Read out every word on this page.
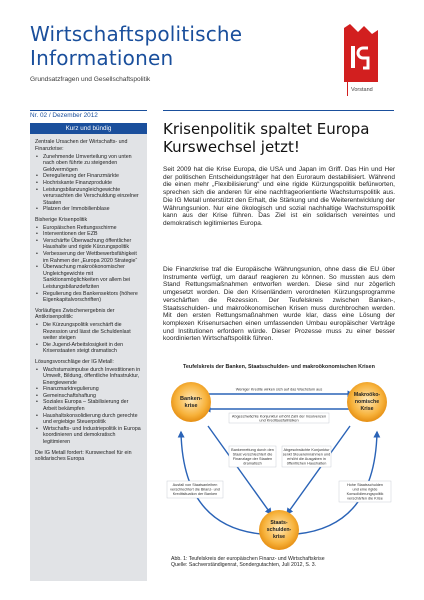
Wirtschaftspolitische
Informationen

Grundsatzfragen und Gesellschaftspolitik

Vorstand
Nr. 02 / Dezember 2012
Kurz und bündig
Zentrale Ursachen der Wirtschafts- und Finanzkrise:
• Zunehmende Umverteilung von unten nach oben führte zu steigenden Geldvermögen
• Deregulierung der Finanzmärkte
• Hochriskante Finanzprodukte
• Leistungsbilanzungleichgewichte verursachten die Verschuldung einzelner Staaten
• Platzen der Immobilienblase
Bisherige Krisenpolitik
• Europäischen Rettungsschirme
• Interventionen der EZB
• Verschärfte Überwachung öffentlicher Haushalte und rigide Kürzungspolitik
• Verbesserung der Wettbewerbsfähigkeit im Rahmen der „Europa 2020 Strategie“
• Überwachung makroökonomischer Ungleichgewichte mit Sanktionsmöglichkeiten vor allem bei Leistungsbilanzdefiziten
• Regulierung des Bankensektors (höhere Eigenkapitalvorschriften)
Vorläufiges Zwischenergebnis der Antikrisenpolitik:
• Die Kürzungspolitik verschärft die Rezession und lässt die Schuldenlast weiter steigen
• Die Jugend-Arbeitslosigkeit in den Krisenstaaten steigt dramatisch
Lösungsvorschläge der IG Metall:
• Wachstumsimpulse durch Investitionen in Umwelt, Bildung, öffentliche Infrastruktur, Energiewende
• Finanzmarktregulierung
• Gemeinschaftshaftung
• Soziales Europa – Stabilisierung der Arbeit bekämpfen
• Haushaltskonsolidierung durch gerechte und ergiebige Steuerpolitik
• Wirtschafts- und Industriepolitik in Europa koordinieren und demokratisch legitimieren
Die IG Metall fordert: Kurswechsel für ein solidarisches Europa
Krisenpolitik spaltet Europa
Kurswechsel jetzt!

Seit 2009 hat die Krise Europa, die USA und Japan im Griff. Das Hin und Her der politischen Entscheidungsträger hat den Euroraum destabilisiert. Während die einen mehr „Flexibilisierung“ und eine rigide Kürzungspolitik befürworten, sprechen sich die anderen für eine nachfrageorientierte Wachstumspolitik aus. Die IG Metall unterstützt den Erhalt, die Stärkung und die Weiterentwicklung der Währungsunion. Nur eine ökologisch und sozial nachhaltige Wachstumspolitik kann aus der Krise führen. Das Ziel ist ein solidarisch vereintes und demokratisch legitimiertes Europa.

Die Finanzkrise traf die Europäische Währungsunion, ohne dass die EU über Instrumente verfügt, um darauf reagieren zu können. So mussten aus dem Stand Rettungsmaßnahmen entworfen werden. Diese sind nur zögerlich umgesetzt worden. Die den Krisenländern verordneten Kürzungsprogramme verschärften die Rezession. Der Teufelskreis zwischen Banken-, Staatsschulden- und makroökonomischen Krisen muss durchbrochen werden. Mit den ersten Rettungsmaßnahmen wurde klar, dass eine Lösung der komplexen Krisenursachen einen umfassenden Umbau europäischer Verträge und Institutionen erfordern würde. Dieser Prozesse muss zu einer besser koordinierten Wirtschaftspolitik führen.

Teufelskreis der Banken, Staatsschulden- und makroökonomischen Krisen
Banken-
krise
Makroöko-
nomische
Krise
Staats-
schulden-
krise
Weniger Kredite wirken sich auf das Wachstum aus
Abgeschwächte Konjunktur erhöht Zahl der Insolvenzen
und Kreditausfallrisiken
Bankenrettung durch den
Staat verschlechtert die
Finanzlage der Staaten
dramatisch
Abgeschwächte Konjunktur
senkt Steuereinnahmen und
erhöht die Ausgaben in
öffentlichen Haushalten
Ausfall von Staatsanleihen
verschlechtert die Bilanz- und
Kreditsituation der Banken
Hohe Staatsschulden
und eine rigide
Konsolidierungspolitik
verschärfen die Krise
Abb. 1: Teufelskreis der europäischen Finanz- und Wirtschaftskrise
Quelle: Sachverständigenrat, Sondergutachten, Juli 2012, S. 3.
